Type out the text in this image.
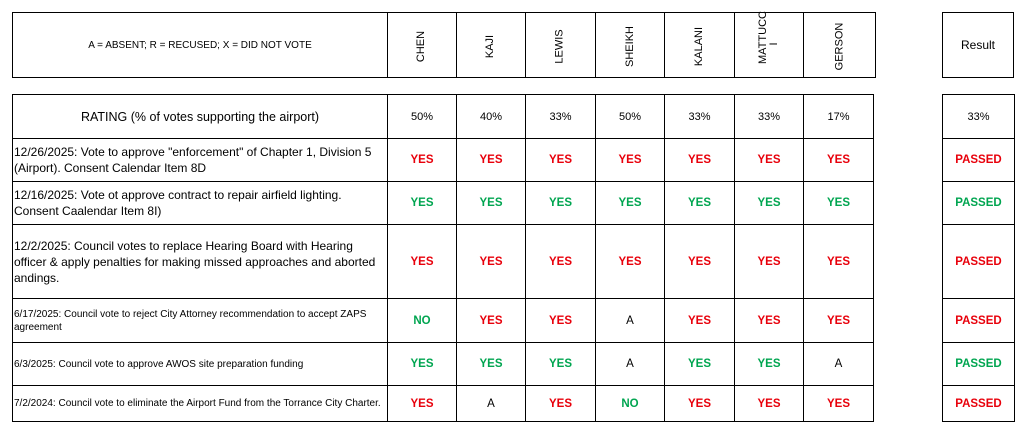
A = ABSENT; R = RECUSED; X = DID NOT VOTE	CHEN	KAJI	LEWIS	SHEIKH	KALANI	MATTUCC I	GERSON	Result
RATING (% of votes supporting the airport)	50%	40%	33%	50%	33%	33%	17%		33%
12/26/2025: Vote to approve "enforcement" of Chapter 1, Division 5 (Airport). Consent Calendar Item 8D	YES	YES	YES	YES	YES	YES	YES		PASSED
12/16/2025: Vote ot approve contract to repair airfield lighting. Consent Caalendar Item 8I)	YES	YES	YES	YES	YES	YES	YES		PASSED
12/2/2025: Council votes to replace Hearing Board with Hearing officer & apply penalties for making missed approaches and aborted andings.	YES	YES	YES	YES	YES	YES	YES		PASSED
6/17/2025: Council vote to reject City Attorney recommendation to accept ZAPS agreement	NO	YES	YES	A	YES	YES	YES		PASSED
6/3/2025: Council vote to approve AWOS site preparation funding	YES	YES	YES	A	YES	YES	A		PASSED
7/2/2024: Council vote to eliminate the Airport Fund from the Torrance City Charter.	YES	A	YES	NO	YES	YES	YES		PASSED
